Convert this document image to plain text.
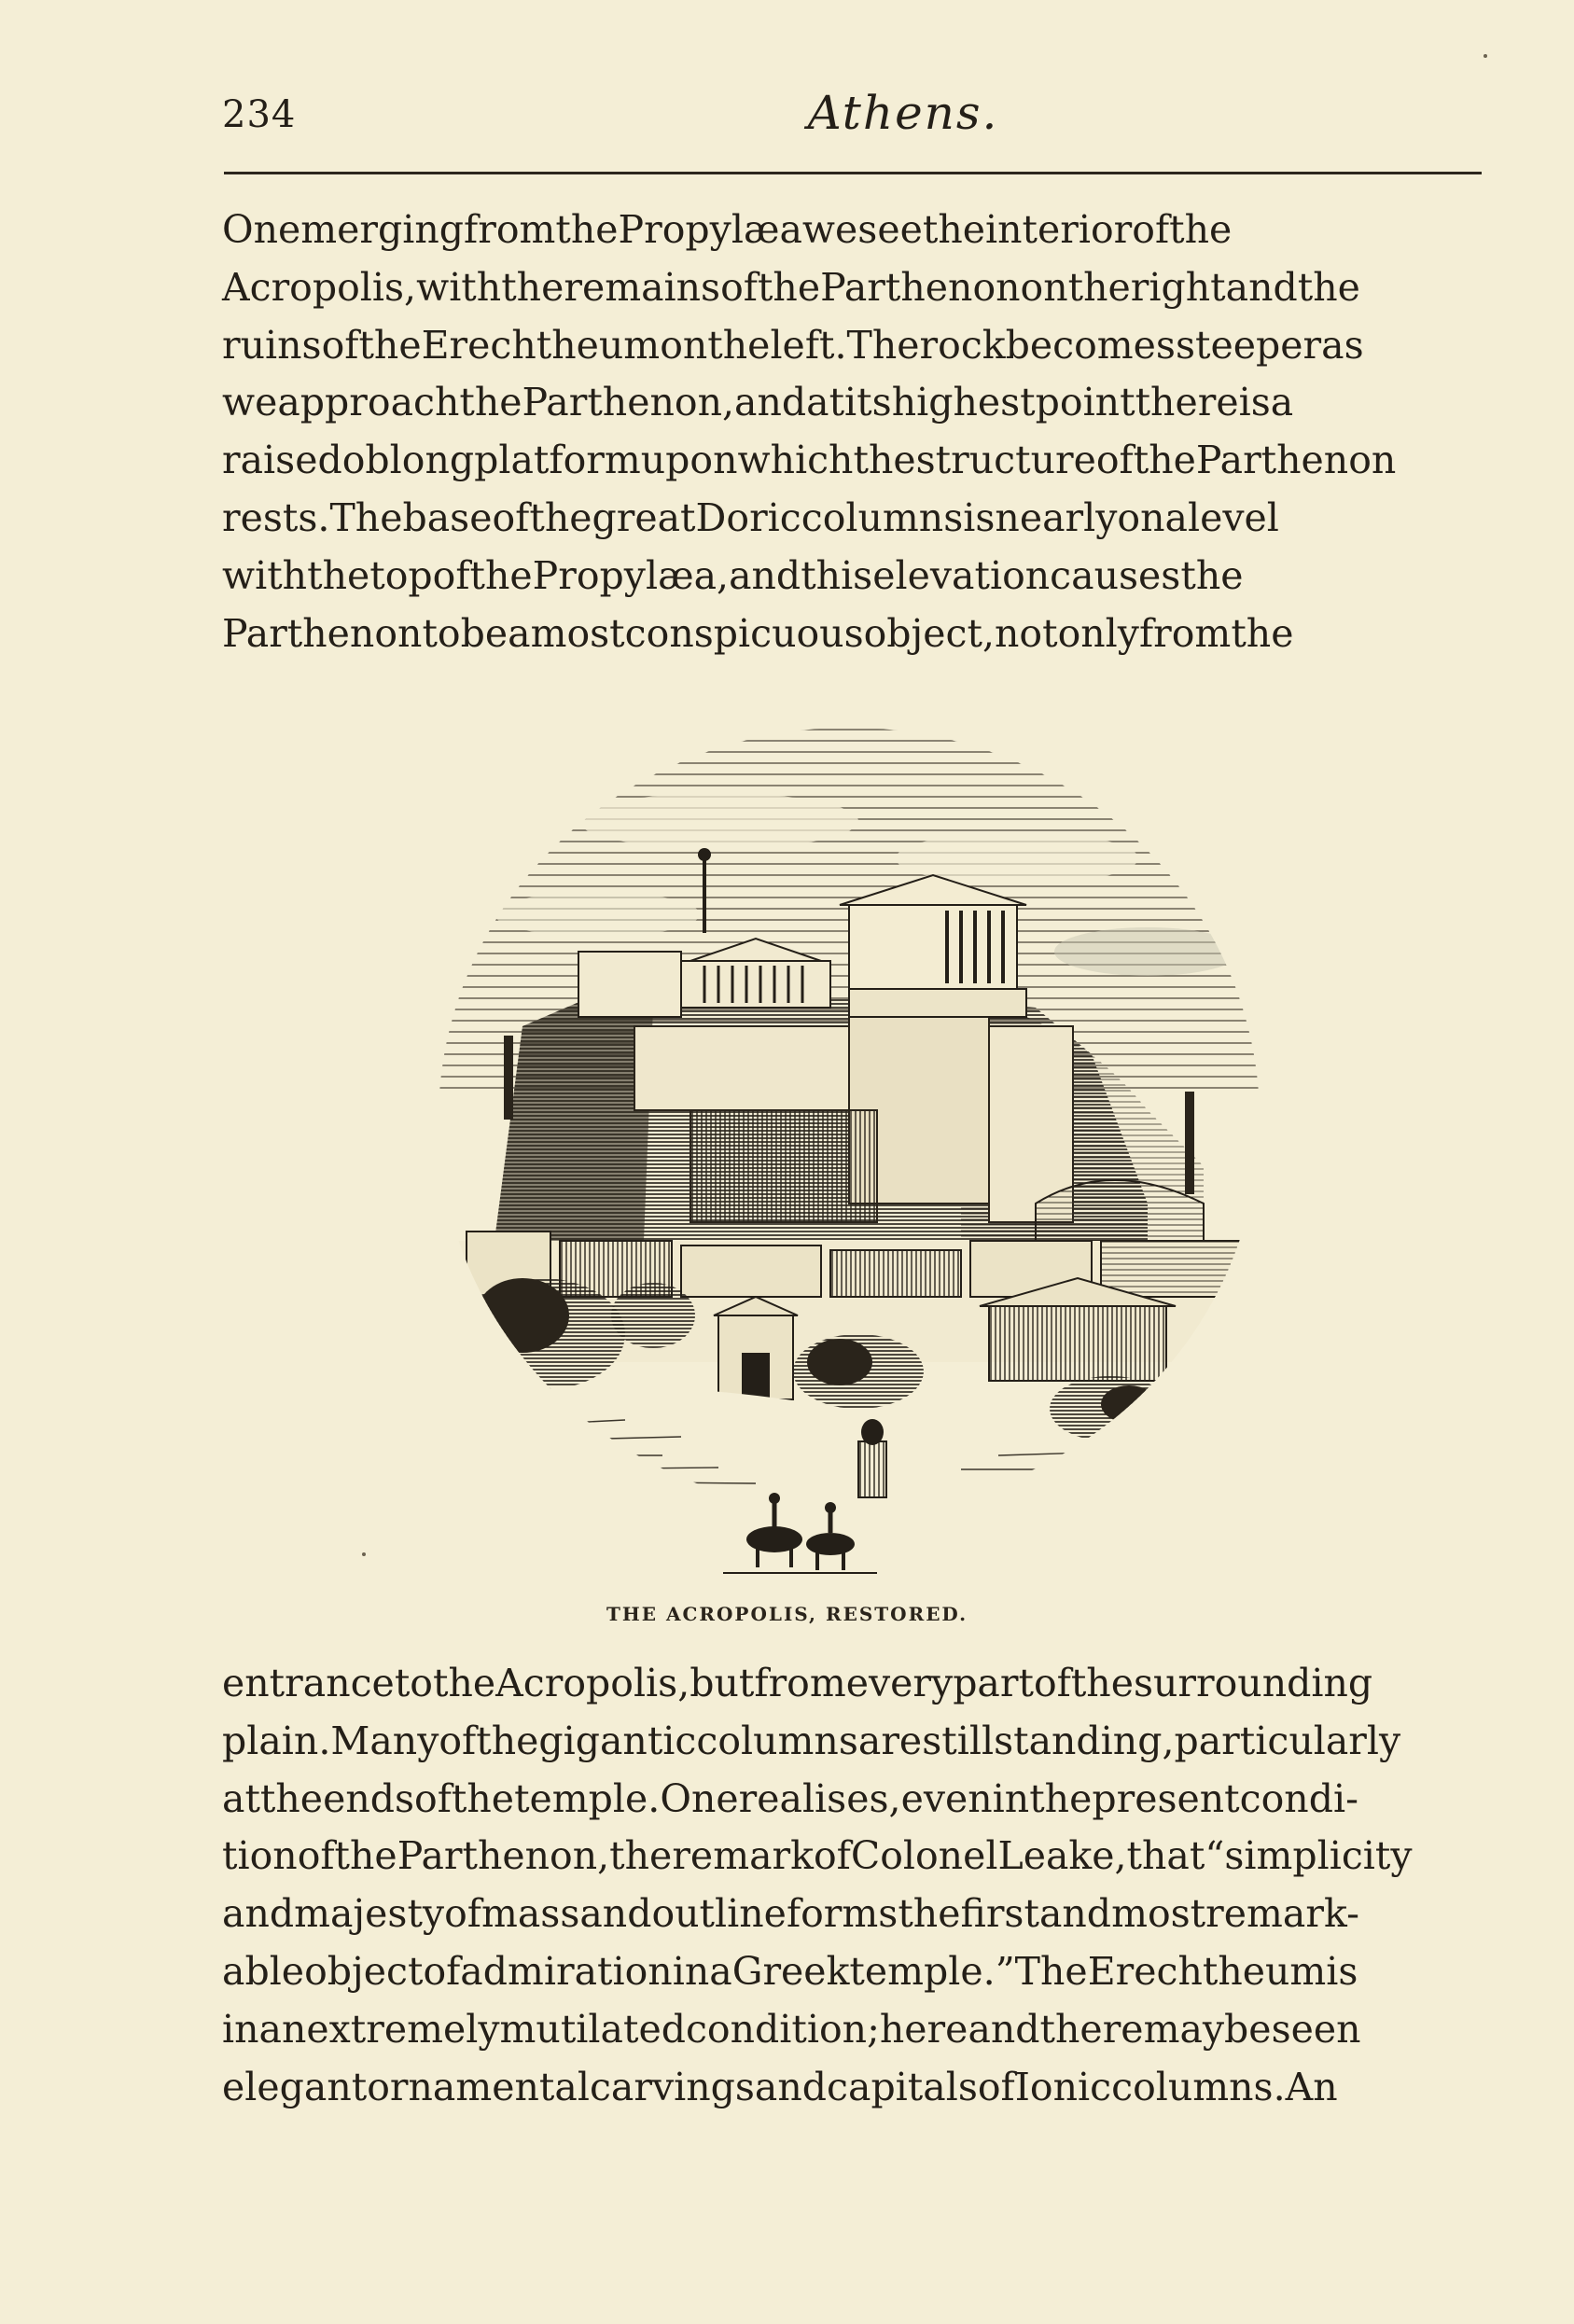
234	Athens.
OnemergingfromthePropylæaweseetheinteriorofthe
Acropolis,withtheremainsoftheParthenonontherightandthe
ruinsoftheErechtheumontheleft.Therockbecomessteeperas
weapproachtheParthenon,andatitshighestpointthereisa
raisedoblongplatformuponwhichthestructureoftheParthenon
rests.ThebaseofthegreatDoriccolumnsisnearlyonalevel
withthetopofthePropylæa,andthiselevationcausesthe
Parthenontobeamostconspicuousobject,notonlyfromthe
THE ACROPOLIS, RESTORED.
entrancetotheAcropolis,butfromeverypartofthesurrounding
plain.Manyofthegiganticcolumnsarestillstanding,particularly
attheendsofthetemple.Onerealises,eveninthepresentcondi-
tionoftheParthenon,theremarkofColonelLeake,that“simplicity
andmajestyofmassandoutlineformsthefirstandmostremark-
ableobjectofadmirationinaGreektemple.”TheErechtheumis
inanextremelymutilatedcondition;hereandtheremaybeseen
elegantornamentalcarvingsandcapitalsofIoniccolumns.An
